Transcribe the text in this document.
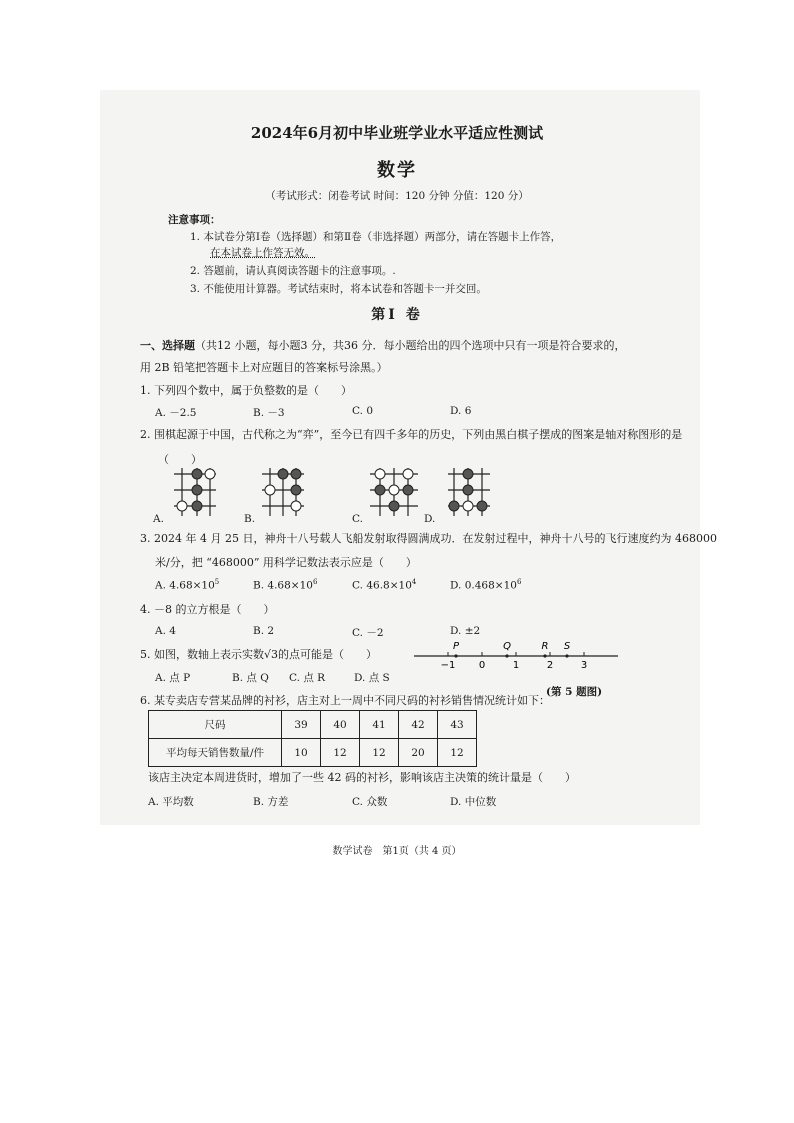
2024年6月初中毕业班学业水平适应性测试
数学
（考试形式：闭卷考试 时间：120 分钟 分值：120 分）
注意事项：
1. 本试卷分第Ⅰ卷（选择题）和第Ⅱ卷（非选择题）两部分，请在答题卡上作答，
在本试卷上作答无效。
2. 答题前，请认真阅读答题卡的注意事项。.
3. 不能使用计算器。考试结束时，将本试卷和答题卡一并交回。
第Ⅰ 卷
一、选择题（共12 小题，每小题3 分，共36 分．每小题给出的四个选项中只有一项是符合要求的，
用 2B 铅笔把答题卡上对应题目的答案标号涂黑。）
1. 下列四个数中，属于负整数的是（　　）
A. －2.5	B. －3	C. 0	D. 6
2. 围棋起源于中国，古代称之为“弈”，至今已有四千多年的历史，下列由黑白棋子摆成的图案是轴对称图形的是
（　　）
A.	B.	C.	D.
3. 2024 年 4 月 25 日，神舟十八号载人飞船发射取得圆满成功．在发射过程中，神舟十八号的飞行速度约为 468000
米/分，把 “468000” 用科学记数法表示应是（　　）
A. $4.68\times 10^5$	B. $4.68\times 10^6$	C. $46.8\times 10^4$	D. $0.468\times 10^6$
4. －8 的立方根是（　　）
A. 4	B. 2	C. －2	D. ±2
5. 如图，数轴上表示实数√3的点可能是（　　）
A. 点 P	B. 点 Q C. 点 R	D. 点 S
−1 0	1	2	3
P	Q	R S
(第 5 题图)
6. 某专卖店专营某品牌的衬衫，店主对上一周中不同尺码的衬衫销售情况统计如下：
尺码	39	40	41	42	43
平均每天销售数量/件	10	12	12	20	12
该店主决定本周进货时，增加了一些 42 码的衬衫，影响该店主决策的统计量是（　　）
A. 平均数	B. 方差	C. 众数	D. 中位数
数学试卷　第1页（共 4 页）
